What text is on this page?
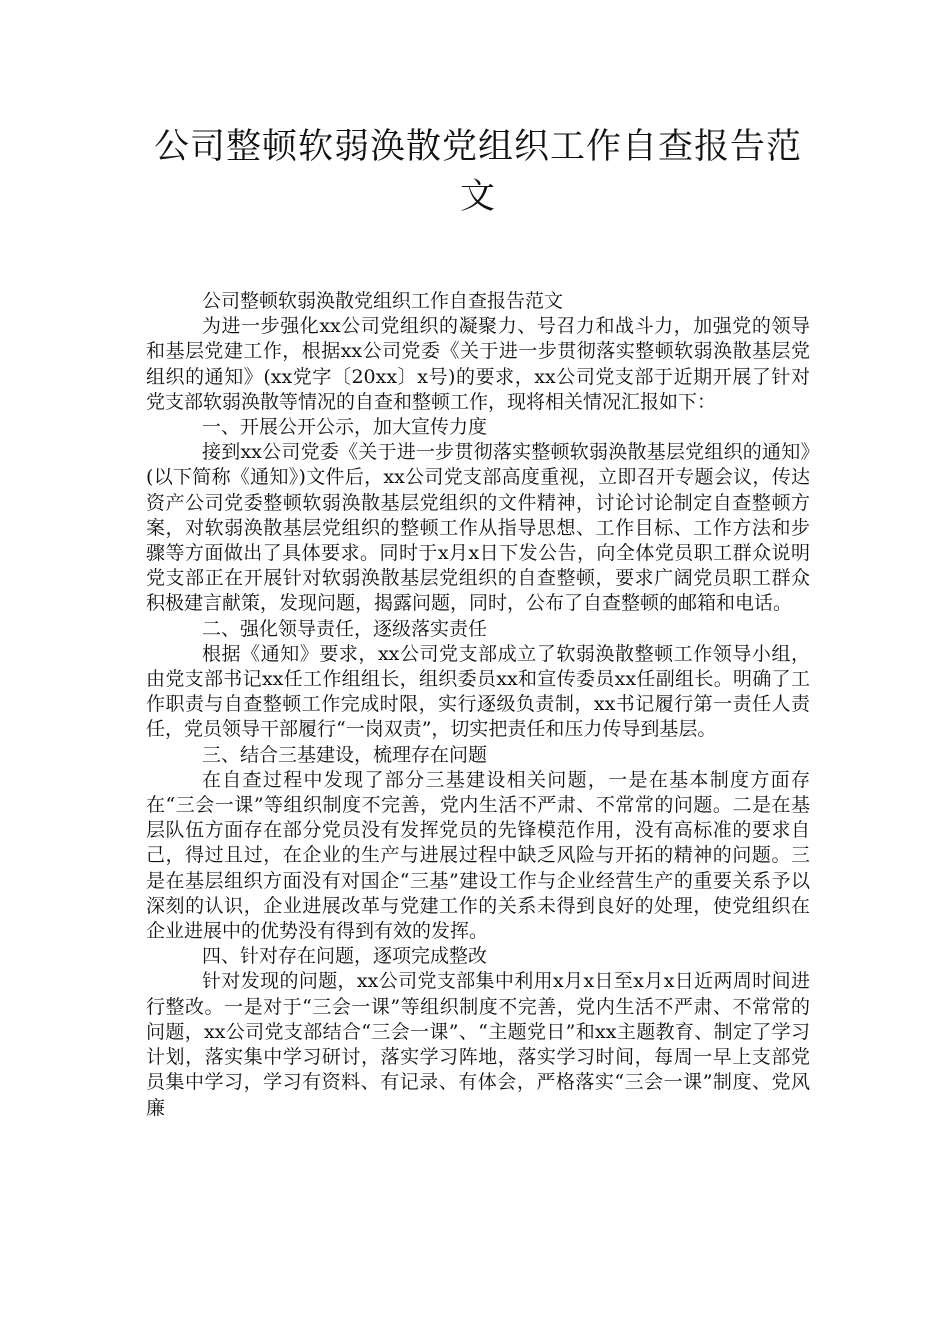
公司整顿软弱涣散党组织工作自查报告范文

公司整顿软弱涣散党组织工作自查报告范文

为进一步强化xx公司党组织的凝聚力、号召力和战斗力，加强党的领导和基层党建工作，根据xx公司党委《关于进一步贯彻落实整顿软弱涣散基层党组织的通知》(xx党字〔20xx〕x号)的要求，xx公司党支部于近期开展了针对党支部软弱涣散等情况的自查和整顿工作，现将相关情况汇报如下：

一、开展公开公示，加大宣传力度

接到xx公司党委《关于进一步贯彻落实整顿软弱涣散基层党组织的通知》(以下简称《通知》)文件后，xx公司党支部高度重视，立即召开专题会议，传达资产公司党委整顿软弱涣散基层党组织的文件精神，讨论讨论制定自查整顿方案，对软弱涣散基层党组织的整顿工作从指导思想、工作目标、工作方法和步骤等方面做出了具体要求。同时于x月x日下发公告，向全体党员职工群众说明党支部正在开展针对软弱涣散基层党组织的自查整顿，要求广阔党员职工群众积极建言献策，发现问题，揭露问题，同时，公布了自查整顿的邮箱和电话。

二、强化领导责任，逐级落实责任

根据《通知》要求，xx公司党支部成立了软弱涣散整顿工作领导小组，由党支部书记xx任工作组组长，组织委员xx和宣传委员xx任副组长。明确了工作职责与自查整顿工作完成时限，实行逐级负责制，xx书记履行第一责任人责任，党员领导干部履行“一岗双责”，切实把责任和压力传导到基层。

三、结合三基建设，梳理存在问题

在自查过程中发现了部分三基建设相关问题，一是在基本制度方面存在“三会一课”等组织制度不完善，党内生活不严肃、不常常的问题。二是在基层队伍方面存在部分党员没有发挥党员的先锋模范作用，没有高标准的要求自己，得过且过，在企业的生产与进展过程中缺乏风险与开拓的精神的问题。三是在基层组织方面没有对国企“三基”建设工作与企业经营生产的重要关系予以深刻的认识，企业进展改革与党建工作的关系未得到良好的处理，使党组织在企业进展中的优势没有得到有效的发挥。

四、针对存在问题，逐项完成整改

针对发现的问题，xx公司党支部集中利用x月x日至x月x日近两周时间进行整改。一是对于“三会一课”等组织制度不完善，党内生活不严肃、不常常的问题，xx公司党支部结合“三会一课”、“主题党日”和xx主题教育、制定了学习计划，落实集中学习研讨，落实学习阵地，落实学习时间，每周一早上支部党员集中学习，学习有资料、有记录、有体会，严格落实“三会一课”制度、党风廉
